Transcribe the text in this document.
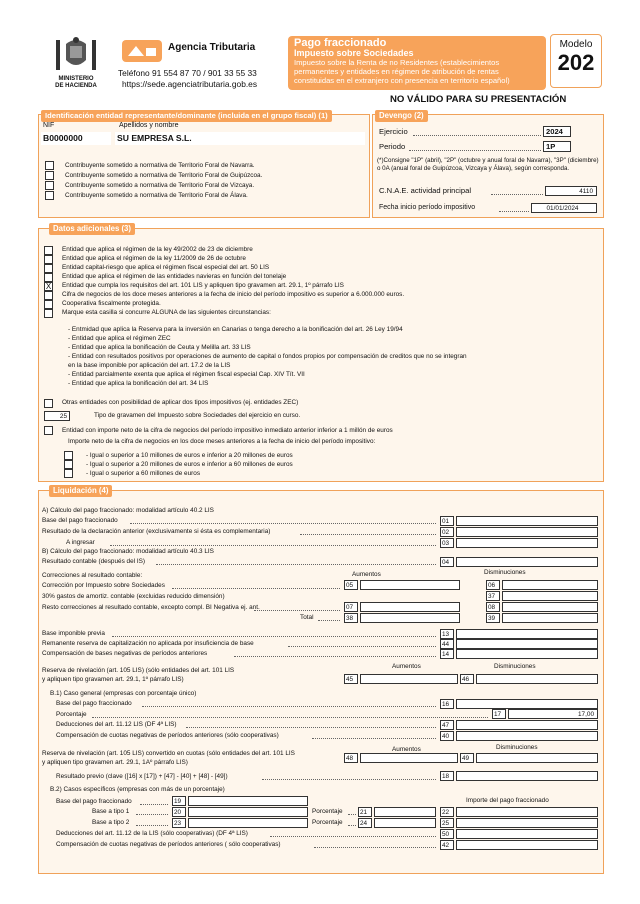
MINISTERIO
DE HACIENDA
Agencia Tributaria
Teléfono 91 554 87 70 / 901 33 55 33
https://sede.agenciatributaria.gob.es
Pago fraccionado
Impuesto sobre Sociedades
Impuesto sobre la Renta de no Residentes (establecimientos permanentes y entidades en régimen de atribución de rentas constituidas en el extranjero con presencia en territorio español)
Modelo
202
NO VÁLIDO PARA SU PRESENTACIÓN
Identificación entidad representante/dominante (incluida en el grupo fiscal) (1)
NIF	Apellidos y nombre
B0000000	SU EMPRESA S.L.
Contribuyente sometido a normativa de Territorio Foral de Navarra.
Contribuyente sometido a normativa de Territorio Foral de Guipúzcoa.
Contribuyente sometido a normativa de Territorio Foral de Vizcaya.
Contribuyente sometido a normativa de Territorio Foral de Álava.
Devengo (2)
Ejercicio	2024
Periodo	1P
(*)Consigne "1P" (abril), "2P" (octubre y anual foral de Navarra), "3P" (diciembre) o 0A (anual foral de Guipúzcoa, Vizcaya y Álava), según corresponda.
C.N.A.E. actividad principal	4110
Fecha inicio período impositivo	01/01/2024
Datos adicionales (3)
Liquidación (4)
Entidad que aplica el régimen de la ley 49/2002 de 23 de diciembre
Entidad que aplica el régimen de la ley 11/2009 de 26 de octubre
Entidad capital-riesgo que aplica el régimen fiscal especial del art. 50 LIS
Entidad que aplica el régimen de las entidades navieras en función del tonelaje
X Entidad que cumpla los requisitos del art. 101 LIS y apliquen tipo gravamen art. 29.1, 1º párrafo LIS
Cifra de negocios de los doce meses anteriores a la fecha de inicio del período impositivo es superior a 6.000.000 euros.
Cooperativa fiscalmente protegida.
Marque esta casilla si concurre ALGUNA de las siguientes circunstancias:
- Entmidad que aplica la Reserva para la inversión en Canarias o tenga derecho a la bonificación del art. 26 Ley 19/94
- Entidad que aplica el régimen ZEC
- Entidad que aplica la bonificación de Ceuta y Melilla art. 33 LIS
- Entidad con resultados positivos por operaciones de aumento de capital o fondos propios por compensación de creditos que no se integran
en la base imponible por aplicación del art. 17.2 de la LIS
- Entidad parcialmente exenta que aplica el régimen fiscal especial Cap. XIV Tít. VII
- Entidad que aplica la bonificación del art. 34 LIS
Otras entidades con posibilidad de aplicar dos tipos impositivos (ej. entidades ZEC)
25	Tipo de gravamen del Impuesto sobre Sociedades del ejercicio en curso.
Entidad con importe neto de la cifra de negocios del período impositivo inmediato anterior inferior a 1 millón de euros
Importe neto de la cifra de negocios en los doce meses anteriores a la fecha de inicio del período impositivo:
- Igual o superior a 10 millones de euros e inferior a 20 millones de euros
- Igual o superior a 20 millones de euros e inferior a 60 millones de euros
- Igual o superior a 60 millones de euros
A) Cálculo del pago fraccionado: modalidad artículo 40.2 LIS
Base del pago fraccionado	01
Resultado de la declaración anterior (exclusivamente si ésta es complementaria)	02
A ingresar	03
B) Cálculo del pago fraccionado: modalidad artículo 40.3 LIS
Resultado contable (después del IS)	04
Correcciones al resultado contable:	Aumentos	Disminuciones
Corrección por Impuesto sobre Sociedades	05	06
30% gastos de amortiz. contable (excluidas reducido dimensión)	37
Resto correcciones al resultado contable, excepto compl. BI Negativa ej. ant.	07	08
Total	38	39
Base imponible previa	13
Remanente reserva de capitalización no aplicada por insuficiencia de base	44
Compensación de bases negativas de períodos anteriores	14
Reserva de nivelación (art. 105 LIS) (sólo entidades del art. 101 LIS
y apliquen tipo gravamen art. 29.1, 1º párrafo LIS)
Aumentos	Disminuciones
45	46
B.1) Caso general (empresas con porcentaje único)
Base del pago fraccionado	16
Porcentaje	17	17,00
Deducciones del art. 11.12 LIS (DF 4ª LIS)	47
Compensación de cuotas negativas de períodos anteriores (sólo cooperativas)	40
Reserva de nivelación (art. 105 LIS) convertido en cuotas (sólo entidades del art. 101 LIS
y apliquen tipo gravamen art. 29.1, 1Aº párrafo LIS)
Aumentos	Disminuciones
48	49
Resultado previo (clave ([16] x [17]) + [47] - [40] + [48] - [49])	18
B.2) Casos específicos (empresas con más de un porcentaje)
Base del pago fraccionado	19	Importe del pago fraccionado
Base a tipo 1	20	Porcentaje	21	22
Base a tipo 2	23	Porcentaje	24	25
Deducciones del art. 11.12 de la LIS (sólo cooperativas) (DF 4ª LIS)	50
Compensación de cuotas negativas de períodos anteriores ( sólo cooperativas)	42
